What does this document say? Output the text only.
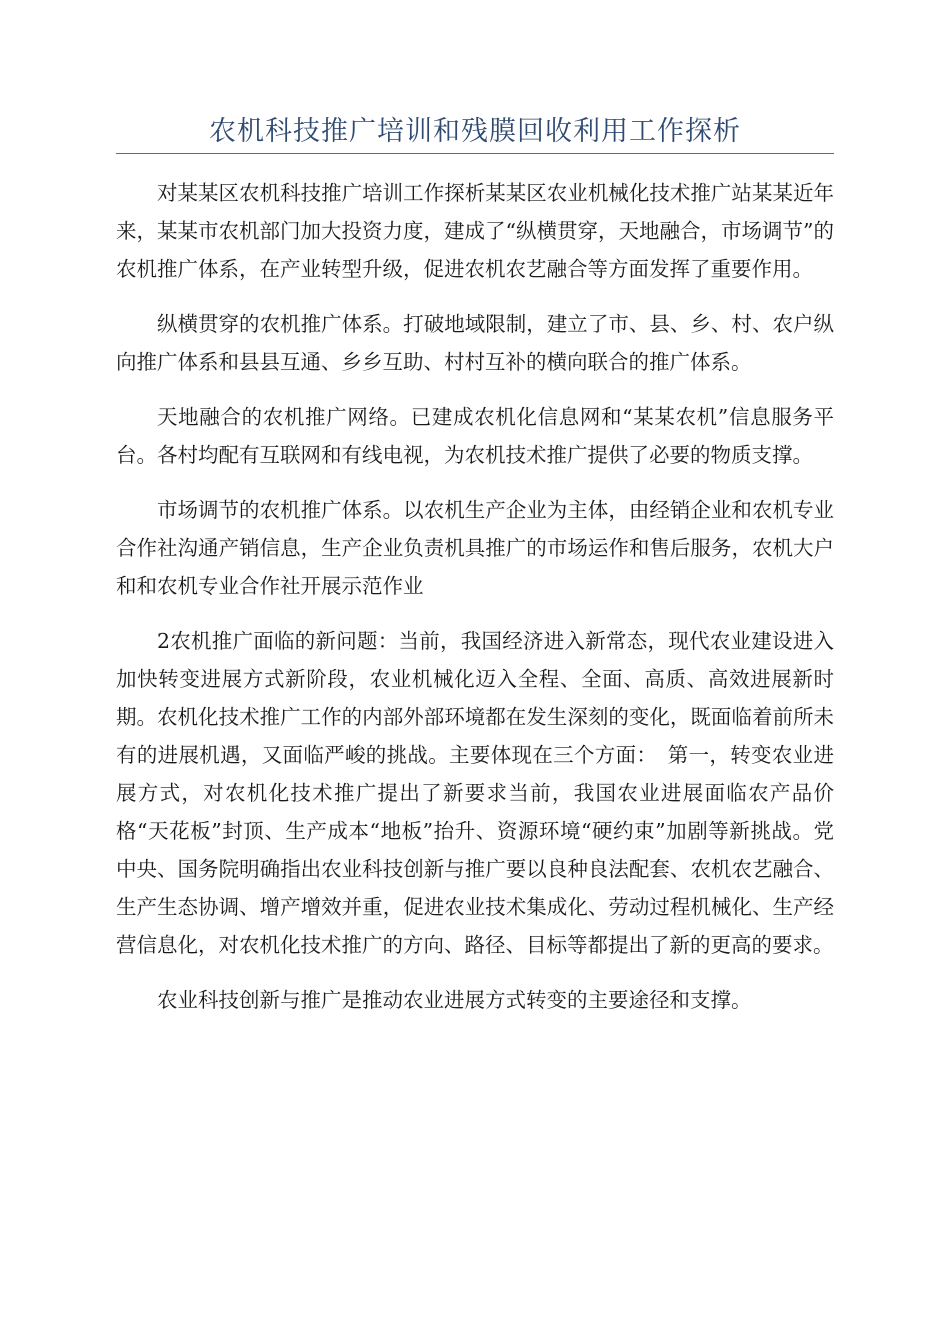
农机科技推广培训和残膜回收利用工作探析

对某某区农机科技推广培训工作探析某某区农业机械化技术推广站某某近年来，某某市农机部门加大投资力度，建成了“纵横贯穿，天地融合，市场调节”的农机推广体系，在产业转型升级，促进农机农艺融合等方面发挥了重要作用。

纵横贯穿的农机推广体系。打破地域限制，建立了市、县、乡、村、农户纵向推广体系和县县互通、乡乡互助、村村互补的横向联合的推广体系。

天地融合的农机推广网络。已建成农机化信息网和“某某农机”信息服务平台。各村均配有互联网和有线电视，为农机技术推广提供了必要的物质支撑。

市场调节的农机推广体系。以农机生产企业为主体，由经销企业和农机专业合作社沟通产销信息，生产企业负责机具推广的市场运作和售后服务，农机大户和和农机专业合作社开展示范作业

2农机推广面临的新问题：当前，我国经济进入新常态，现代农业建设进入加快转变进展方式新阶段，农业机械化迈入全程、全面、高质、高效进展新时期。农机化技术推广工作的内部外部环境都在发生深刻的变化，既面临着前所未有的进展机遇，又面临严峻的挑战。主要体现在三个方面：　第一，转变农业进展方式，对农机化技术推广提出了新要求当前，我国农业进展面临农产品价格“天花板”封顶、生产成本“地板”抬升、资源环境“硬约束”加剧等新挑战。党中央、国务院明确指出农业科技创新与推广要以良种良法配套、农机农艺融合、生产生态协调、增产增效并重，促进农业技术集成化、劳动过程机械化、生产经营信息化，对农机化技术推广的方向、路径、目标等都提出了新的更高的要求。

农业科技创新与推广是推动农业进展方式转变的主要途径和支撑。
